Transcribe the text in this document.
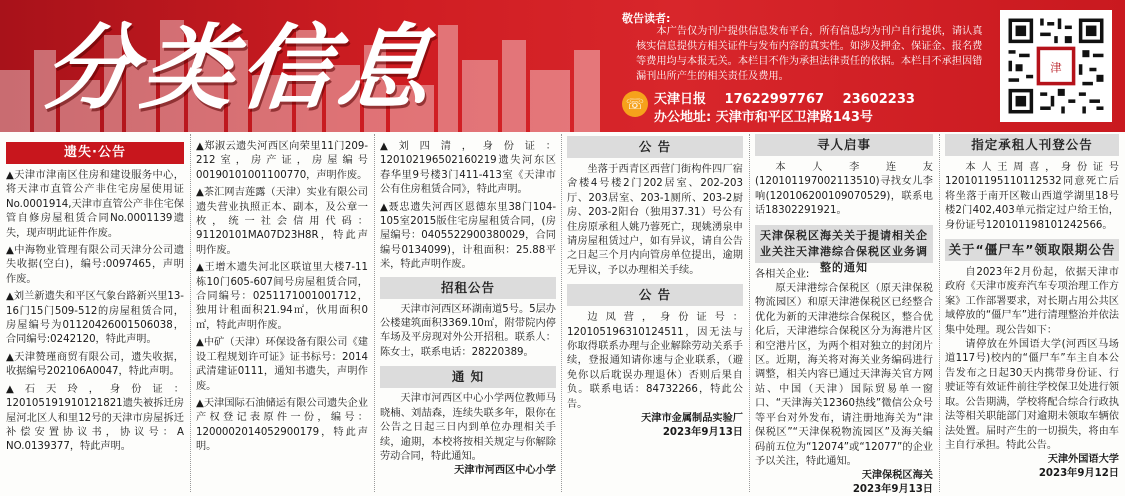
分类信息	敬告读者:
本广告仅为刊户提供信息发布平台，所有信息均为刊户自行提供，请认真核实信息提供方相关证件与发布内容的真实性。如涉及押金、保证金、报名费等费用均与本报无关。本栏目不作为承担法律责任的依据。本栏目不承担因错漏刊出所产生的相关责任及费用。
☏ 天津日报 17622997767 23602233
办公地址: 天津市和平区卫津路143号
津
遗失·公告

▲天津市津南区住房和建设服务中心，将天津市直管公产非住宅房屋使用证No.0001914,天津市直管公产非住宅保管自修房屋租赁合同No.0001139遗失，现声明此证件作废。

▲中海物业管理有限公司天津分公司遗失收据(空白)，编号:0097465，声明作废。

▲刘兰新遗失和平区气象台路新兴里13-16门15门509-512的房屋租赁合同，房屋编号为01120426001506038，合同编号:0242120，特此声明。

▲天津赞瑾商贸有限公司，遗失收据，收据编号202106A0047，特此声明。

▲石天玲，身份证：120105191910121821遗失被拆迁房屋河北区人和里12号的天津市房屋拆迁补偿安置协议书，协议号：A NO.0139377，特此声明。

▲郑淑云遗失河西区向荣里11门209-212室，房产证，房屋编号00190101001100770，声明作废。

▲茶汇网吉莲露（天津）实业有限公司遗失营业执照正本、副本，及公章一枚，统一社会信用代码：91120101MA07D23H8R，特此声明作废。

▲王增木遗失河北区联谊里大楼7-11栋10门605-607间号房屋租赁合同，合同编号：0251171001001712，独用计租面积21.94㎡，伙用面积0㎡，特此声明作废。

▲中矿（天津）环保设备有限公司《建设工程规划许可证》证书标号：2014武清建证0111，通知书遗失，声明作废。

▲天津国际石油储运有限公司遗失企业产权登记表原件一份，编号：1200002014052900179，特此声明。

▲刘四清，身份证：120102196502160219遗失河东区春华里9号楼3门411-413室《天津市公有住房租赁合同》，特此声明。

▲聂忠遗失河西区恩德东里38门104-105室2015版住宅房屋租赁合同，(房屋编号：0405522900380029，合同编号0134099)，计租面积：25.88平米，特此声明作废。

招租公告
天津市河西区环湖南道5号。5层办公楼建筑面积3369.10㎡，附带院内停车场及平房现对外公开招租。联系人：陈女士，联系电话：28220389。
通 知
天津市河西区中心小学两位教师马晓楠、刘喆森，连续失联多年，限你在公告之日起三日内到单位办理相关手续，逾期，本校将按相关规定与你解除劳动合同，特此通知。
天津市河西区中心小学
公 告
坐落于西青区西营门街构件四厂宿舍楼4号楼2门202居室、202-203厅、203居室、203-1厕所、203-2厨房、203-2阳台（独用37.31）号公有住房原承租人姚乃蓉死亡，现姚湧泉申请房屋租赁过户，如有异议，请自公告之日起三个月内向管房单位提出，逾期无异议，予以办理相关手续。
公 告
边凤营，身份证号：120105196310124511，因无法与你取得联系办理与企业解除劳动关系手续，登报通知请你速与企业联系，（避免你以后耽误办理退休）否则后果自负。联系电话：84732266，特此公告。
天津市金属制品实验厂
2023年9月13日
寻人启事
本人李连友(12010119700211351​0)寻找女儿李响(12010620010907052​9)，联系电话18302291921。
天津保税区海关关于提请相关企业关注天津港综合保税区业务调整的通知

各相关企业:

原天津港综合保税区（原天津保税物流园区）和原天津港保税区已经整合优化为新的天津港综合保税区，整合优化后，天津港综合保税区分为海港片区和空港片区，为两个相对独立的封闭片区。近期，海关将对海关业务编码进行调整，相关内容已通过天津海关官方网站、中国（天津）国际贸易单一窗口、“天津海关12360热线”微信公众号等平台对外发布，请注册地海关为“津保税区”“天津保税物流园区”及海关编码前五位为“12074”或“12077”的企业予以关注，特此通知。

天津保税区海关
2023年9月13日
指定承租人刊登公告
本人王周喜，身份证号120101195110112532同意死亡后将坐落于南开区鞍山西道学湖里18号楼2门402,403单元指定过户给王怡，身份证号120101198101242566。
关于“僵尸车”领取限期公告
自2023年2月份起，依据天津市政府《天津市废弃汽车专项治理工作方案》工作部署要求，对长期占用公共区域停放的“僵尸车”进行清理整治并依法集中处理。现公告如下：
请停放在外国语大学(河西区马场道117号)校内的“僵尸车”车主自本公告发布之日起30天内携带身份证、行驶证等有效证件前往学校保卫处进行领取。公告期满，学校将配合综合行政执法等相关职能部门对逾期未领取车辆依法处置。届时产生的一切损失，将由车主自行承担。特此公告。
天津外国语大学
2023年9月12日
